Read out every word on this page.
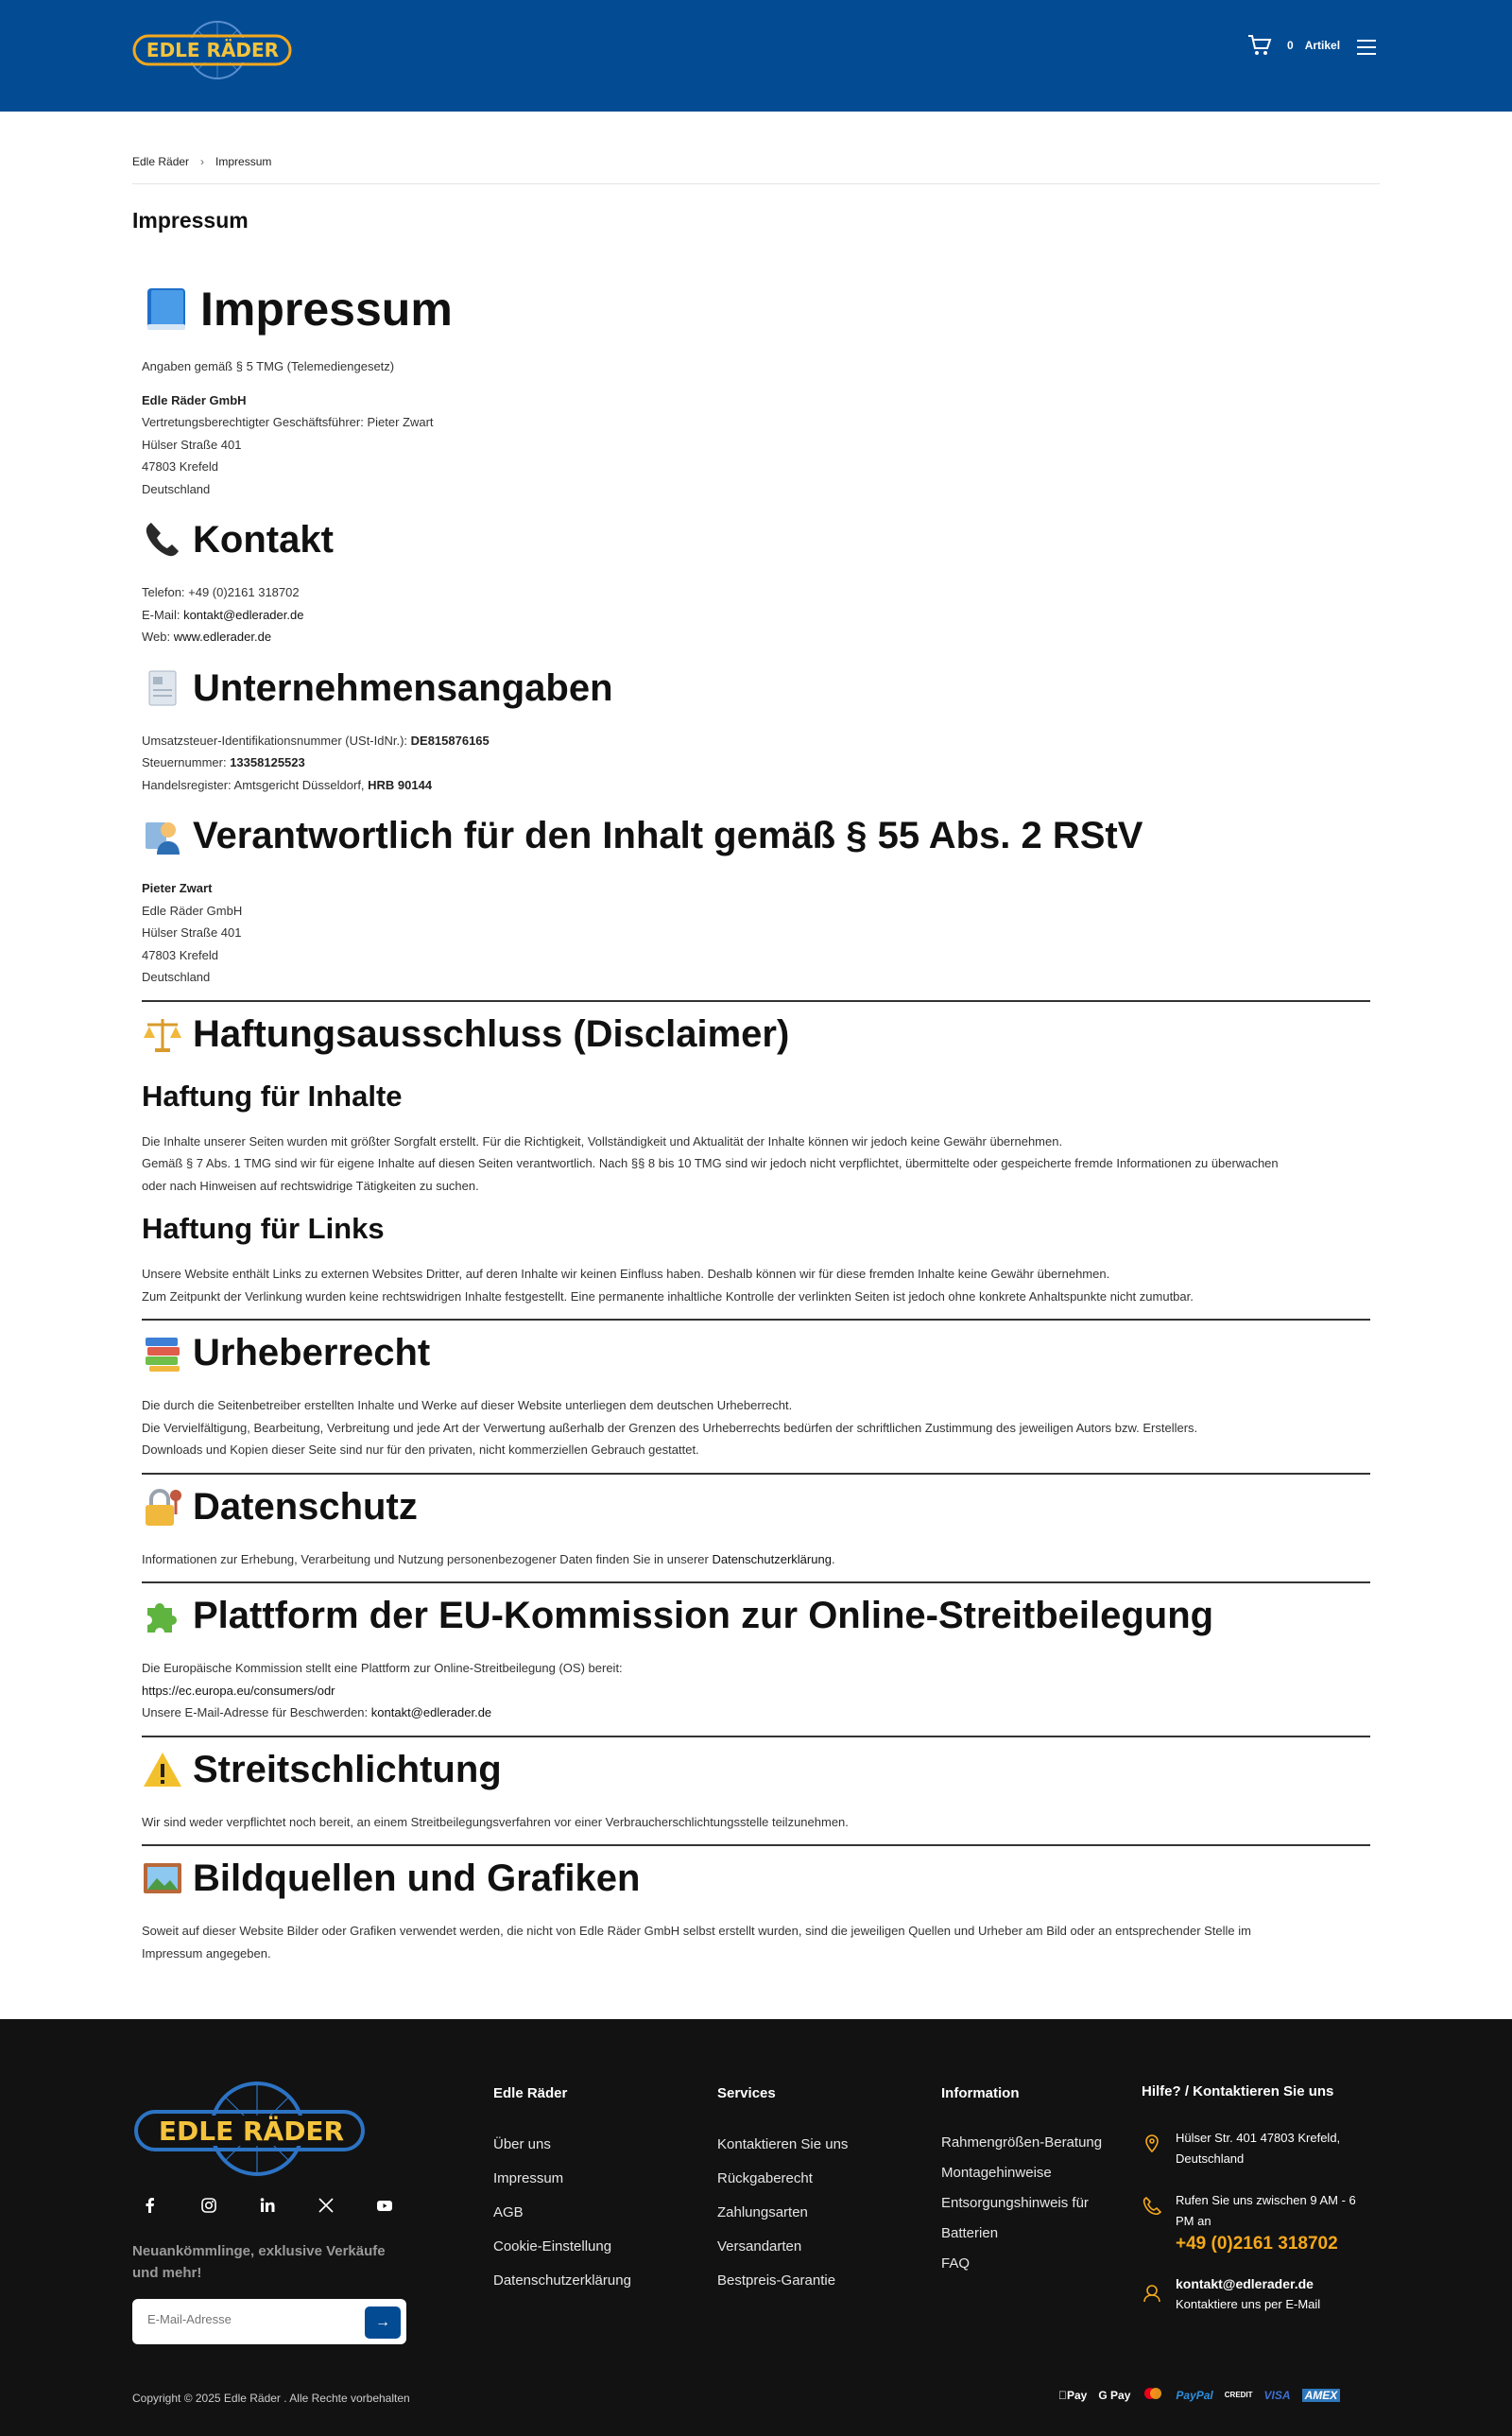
EDLE RÄDER	0 Artikel
Edle Räder › Impressum
Impressum
Impressum

Angaben gemäß § 5 TMG (Telemediengesetz)

Edle Räder GmbH

Vertretungsberechtigter Geschäftsführer: Pieter Zwart

Hülser Straße 401

47803 Krefeld

Deutschland

Kontakt

Telefon: +49 (0)2161 318702

E-Mail: kontakt@edlerader.de

Web: www.edlerader.de

Unternehmensangaben

Umsatzsteuer-Identifikationsnummer (USt-IdNr.): DE815876165

Steuernummer: 13358125523

Handelsregister: Amtsgericht Düsseldorf, HRB 90144

Verantwortlich für den Inhalt gemäß § 55 Abs. 2 RStV

Pieter Zwart

Edle Räder GmbH

Hülser Straße 401

47803 Krefeld

Deutschland

Haftungsausschluss (Disclaimer)
Haftung für Inhalte

Die Inhalte unserer Seiten wurden mit größter Sorgfalt erstellt. Für die Richtigkeit, Vollständigkeit und Aktualität der Inhalte können wir jedoch keine Gewähr übernehmen.

Gemäß § 7 Abs. 1 TMG sind wir für eigene Inhalte auf diesen Seiten verantwortlich. Nach §§ 8 bis 10 TMG sind wir jedoch nicht verpflichtet, übermittelte oder gespeicherte fremde Informationen zu überwachen

oder nach Hinweisen auf rechtswidrige Tätigkeiten zu suchen.

Haftung für Links

Unsere Website enthält Links zu externen Websites Dritter, auf deren Inhalte wir keinen Einfluss haben. Deshalb können wir für diese fremden Inhalte keine Gewähr übernehmen.

Zum Zeitpunkt der Verlinkung wurden keine rechtswidrigen Inhalte festgestellt. Eine permanente inhaltliche Kontrolle der verlinkten Seiten ist jedoch ohne konkrete Anhaltspunkte nicht zumutbar.

Urheberrecht

Die durch die Seitenbetreiber erstellten Inhalte und Werke auf dieser Website unterliegen dem deutschen Urheberrecht.

Die Vervielfältigung, Bearbeitung, Verbreitung und jede Art der Verwertung außerhalb der Grenzen des Urheberrechts bedürfen der schriftlichen Zustimmung des jeweiligen Autors bzw. Erstellers.

Downloads und Kopien dieser Seite sind nur für den privaten, nicht kommerziellen Gebrauch gestattet.

Datenschutz

Informationen zur Erhebung, Verarbeitung und Nutzung personenbezogener Daten finden Sie in unserer Datenschutzerklärung.

Plattform der EU-Kommission zur Online-Streitbeilegung

Die Europäische Kommission stellt eine Plattform zur Online-Streitbeilegung (OS) bereit:

https://ec.europa.eu/consumers/odr

Unsere E-Mail-Adresse für Beschwerden: kontakt@edlerader.de

Streitschlichtung

Wir sind weder verpflichtet noch bereit, an einem Streitbeilegungsverfahren vor einer Verbraucherschlichtungsstelle teilzunehmen.

Bildquellen und Grafiken

Soweit auf dieser Website Bilder oder Grafiken verwendet werden, die nicht von Edle Räder GmbH selbst erstellt wurden, sind die jeweiligen Quellen und Urheber am Bild oder an entsprechender Stelle im

Impressum angegeben.

EDLE RÄDER
Neuankömmlinge, exklusive Verkäufe und mehr!
E-Mail-Adresse
→
Edle Räder
Über uns
Impressum
AGB
Cookie-Einstellung
Datenschutzerklärung
Services
Kontaktieren Sie uns
Rückgaberecht
Zahlungsarten
Versandarten
Bestpreis-Garantie
Information
Rahmengrößen-Beratung
Montagehinweise
Entsorgungshinweis für
Batterien
FAQ
Hilfe? / Kontaktieren Sie uns
Hülser Str. 401 47803 Krefeld,
Deutschland
Rufen Sie uns zwischen 9 AM - 6
PM an
+49 (0)2161 318702
kontakt@edlerader.de
Kontaktiere uns per E-Mail
Copyright © 2025 Edle Räder . Alle Rechte vorbehalten	Pay G Pay	PayPal CREDIT VISA AMEX
